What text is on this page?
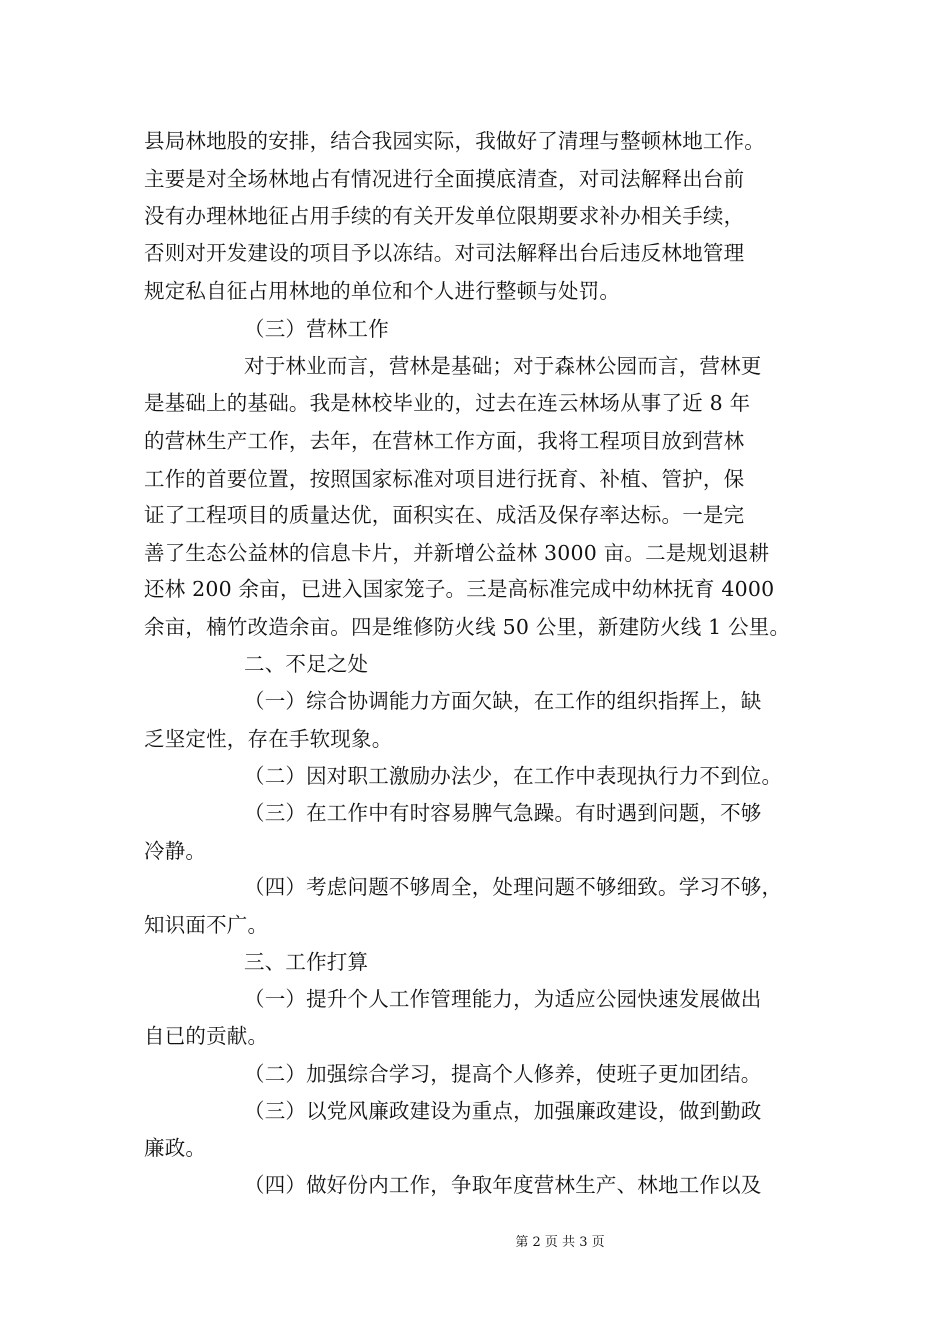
县局林地股的安排，结合我园实际，我做好了清理与整顿林地工作。
主要是对全场林地占有情况进行全面摸底清查，对司法解释出台前
没有办理林地征占用手续的有关开发单位限期要求补办相关手续，
否则对开发建设的项目予以冻结。对司法解释出台后违反林地管理
规定私自征占用林地的单位和个人进行整顿与处罚。
（三）营林工作
对于林业而言，营林是基础；对于森林公园而言，营林更
是基础上的基础。我是林校毕业的，过去在连云林场从事了近 8 年
的营林生产工作，去年，在营林工作方面，我将工程项目放到营林
工作的首要位置，按照国家标准对项目进行抚育、补植、管护，保
证了工程项目的质量达优，面积实在、成活及保存率达标。一是完
善了生态公益林的信息卡片，并新增公益林 3000 亩。二是规划退耕
还林 200 余亩，已进入国家笼子。三是高标准完成中幼林抚育 4000
余亩，楠竹改造余亩。四是维修防火线 50 公里，新建防火线 1 公里。
二、不足之处
（一）综合协调能力方面欠缺，在工作的组织指挥上，缺
乏坚定性，存在手软现象。
（二）因对职工激励办法少，在工作中表现执行力不到位。
（三）在工作中有时容易脾气急躁。有时遇到问题，不够
冷静。
（四）考虑问题不够周全，处理问题不够细致。学习不够，
知识面不广。
三、工作打算
（一）提升个人工作管理能力，为适应公园快速发展做出
自已的贡献。
（二）加强综合学习，提高个人修养，使班子更加团结。
（三）以党风廉政建设为重点，加强廉政建设，做到勤政
廉政。
（四）做好份内工作，争取年度营林生产、林地工作以及
第 2 页 共 3 页
